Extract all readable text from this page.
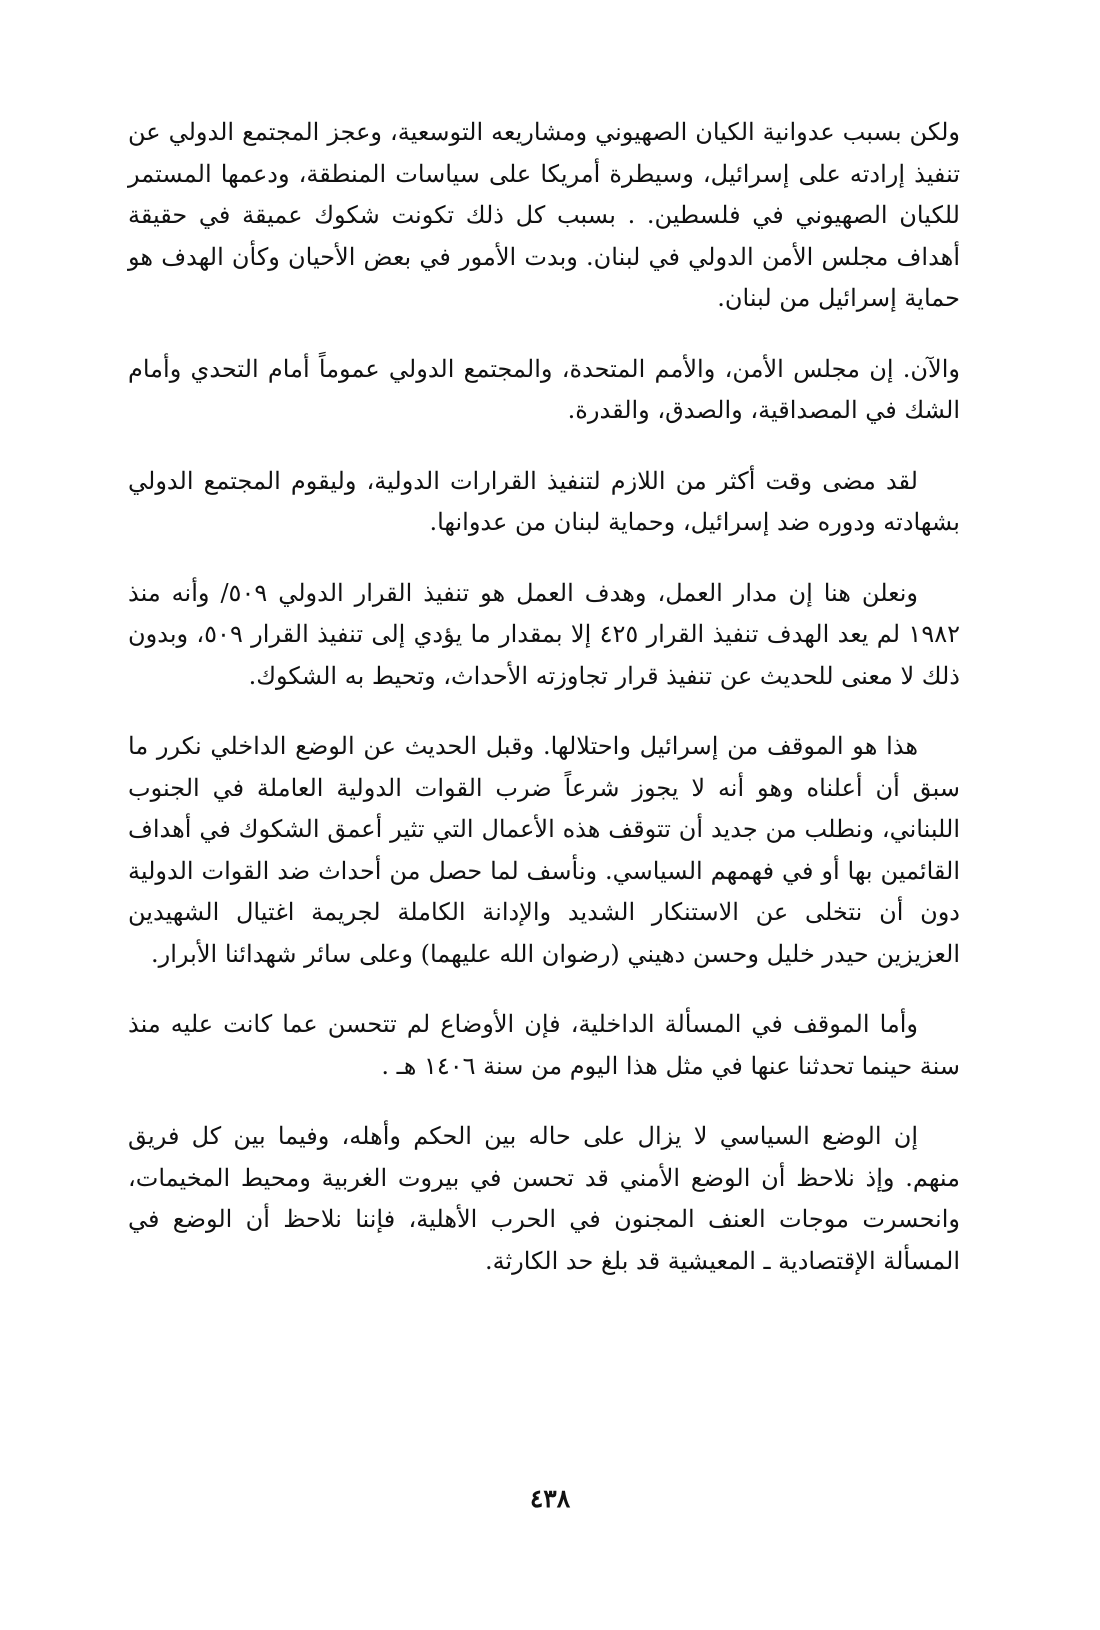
ولكن بسبب عدوانية الكيان الصهيوني ومشاريعه التوسعية، وعجز المجتمع الدولي عن تنفيذ إرادته على إسرائيل، وسيطرة أمريكا على سياسات المنطقة، ودعمها المستمر للكيان الصهيوني في فلسطين. . بسبب كل ذلك تكونت شكوك عميقة في حقيقة أهداف مجلس الأمن الدولي في لبنان. وبدت الأمور في بعض الأحيان وكأن الهدف هو حماية إسرائيل من لبنان.

والآن. إن مجلس الأمن، والأمم المتحدة، والمجتمع الدولي عموماً أمام التحدي وأمام الشك في المصداقية، والصدق، والقدرة.

لقد مضى وقت أكثر من اللازم لتنفيذ القرارات الدولية، وليقوم المجتمع الدولي بشهادته ودوره ضد إسرائيل، وحماية لبنان من عدوانها.

ونعلن هنا إن مدار العمل، وهدف العمل هو تنفيذ القرار الدولي ٥٠٩/ وأنه منذ ١٩٨٢ لم يعد الهدف تنفيذ القرار ٤٢٥ إلا بمقدار ما يؤدي إلى تنفيذ القرار ٥٠٩، وبدون ذلك لا معنى للحديث عن تنفيذ قرار تجاوزته الأحداث، وتحيط به الشكوك.

هذا هو الموقف من إسرائيل واحتلالها. وقبل الحديث عن الوضع الداخلي نكرر ما سبق أن أعلناه وهو أنه لا يجوز شرعاً ضرب القوات الدولية العاملة في الجنوب اللبناني، ونطلب من جديد أن تتوقف هذه الأعمال التي تثير أعمق الشكوك في أهداف القائمين بها أو في فهمهم السياسي. ونأسف لما حصل من أحداث ضد القوات الدولية دون أن نتخلى عن الاستنكار الشديد والإدانة الكاملة لجريمة اغتيال الشهيدين العزيزين حيدر خليل وحسن دهيني (رضوان الله عليهما) وعلى سائر شهدائنا الأبرار.

وأما الموقف في المسألة الداخلية، فإن الأوضاع لم تتحسن عما كانت عليه منذ سنة حينما تحدثنا عنها في مثل هذا اليوم من سنة ١٤٠٦ هـ .

إن الوضع السياسي لا يزال على حاله بين الحكم وأهله، وفيما بين كل فريق منهم. وإذ نلاحظ أن الوضع الأمني قد تحسن في بيروت الغربية ومحيط المخيمات، وانحسرت موجات العنف المجنون في الحرب الأهلية، فإننا نلاحظ أن الوضع في المسألة الإقتصادية ـ المعيشية قد بلغ حد الكارثة.

٤٣٨
